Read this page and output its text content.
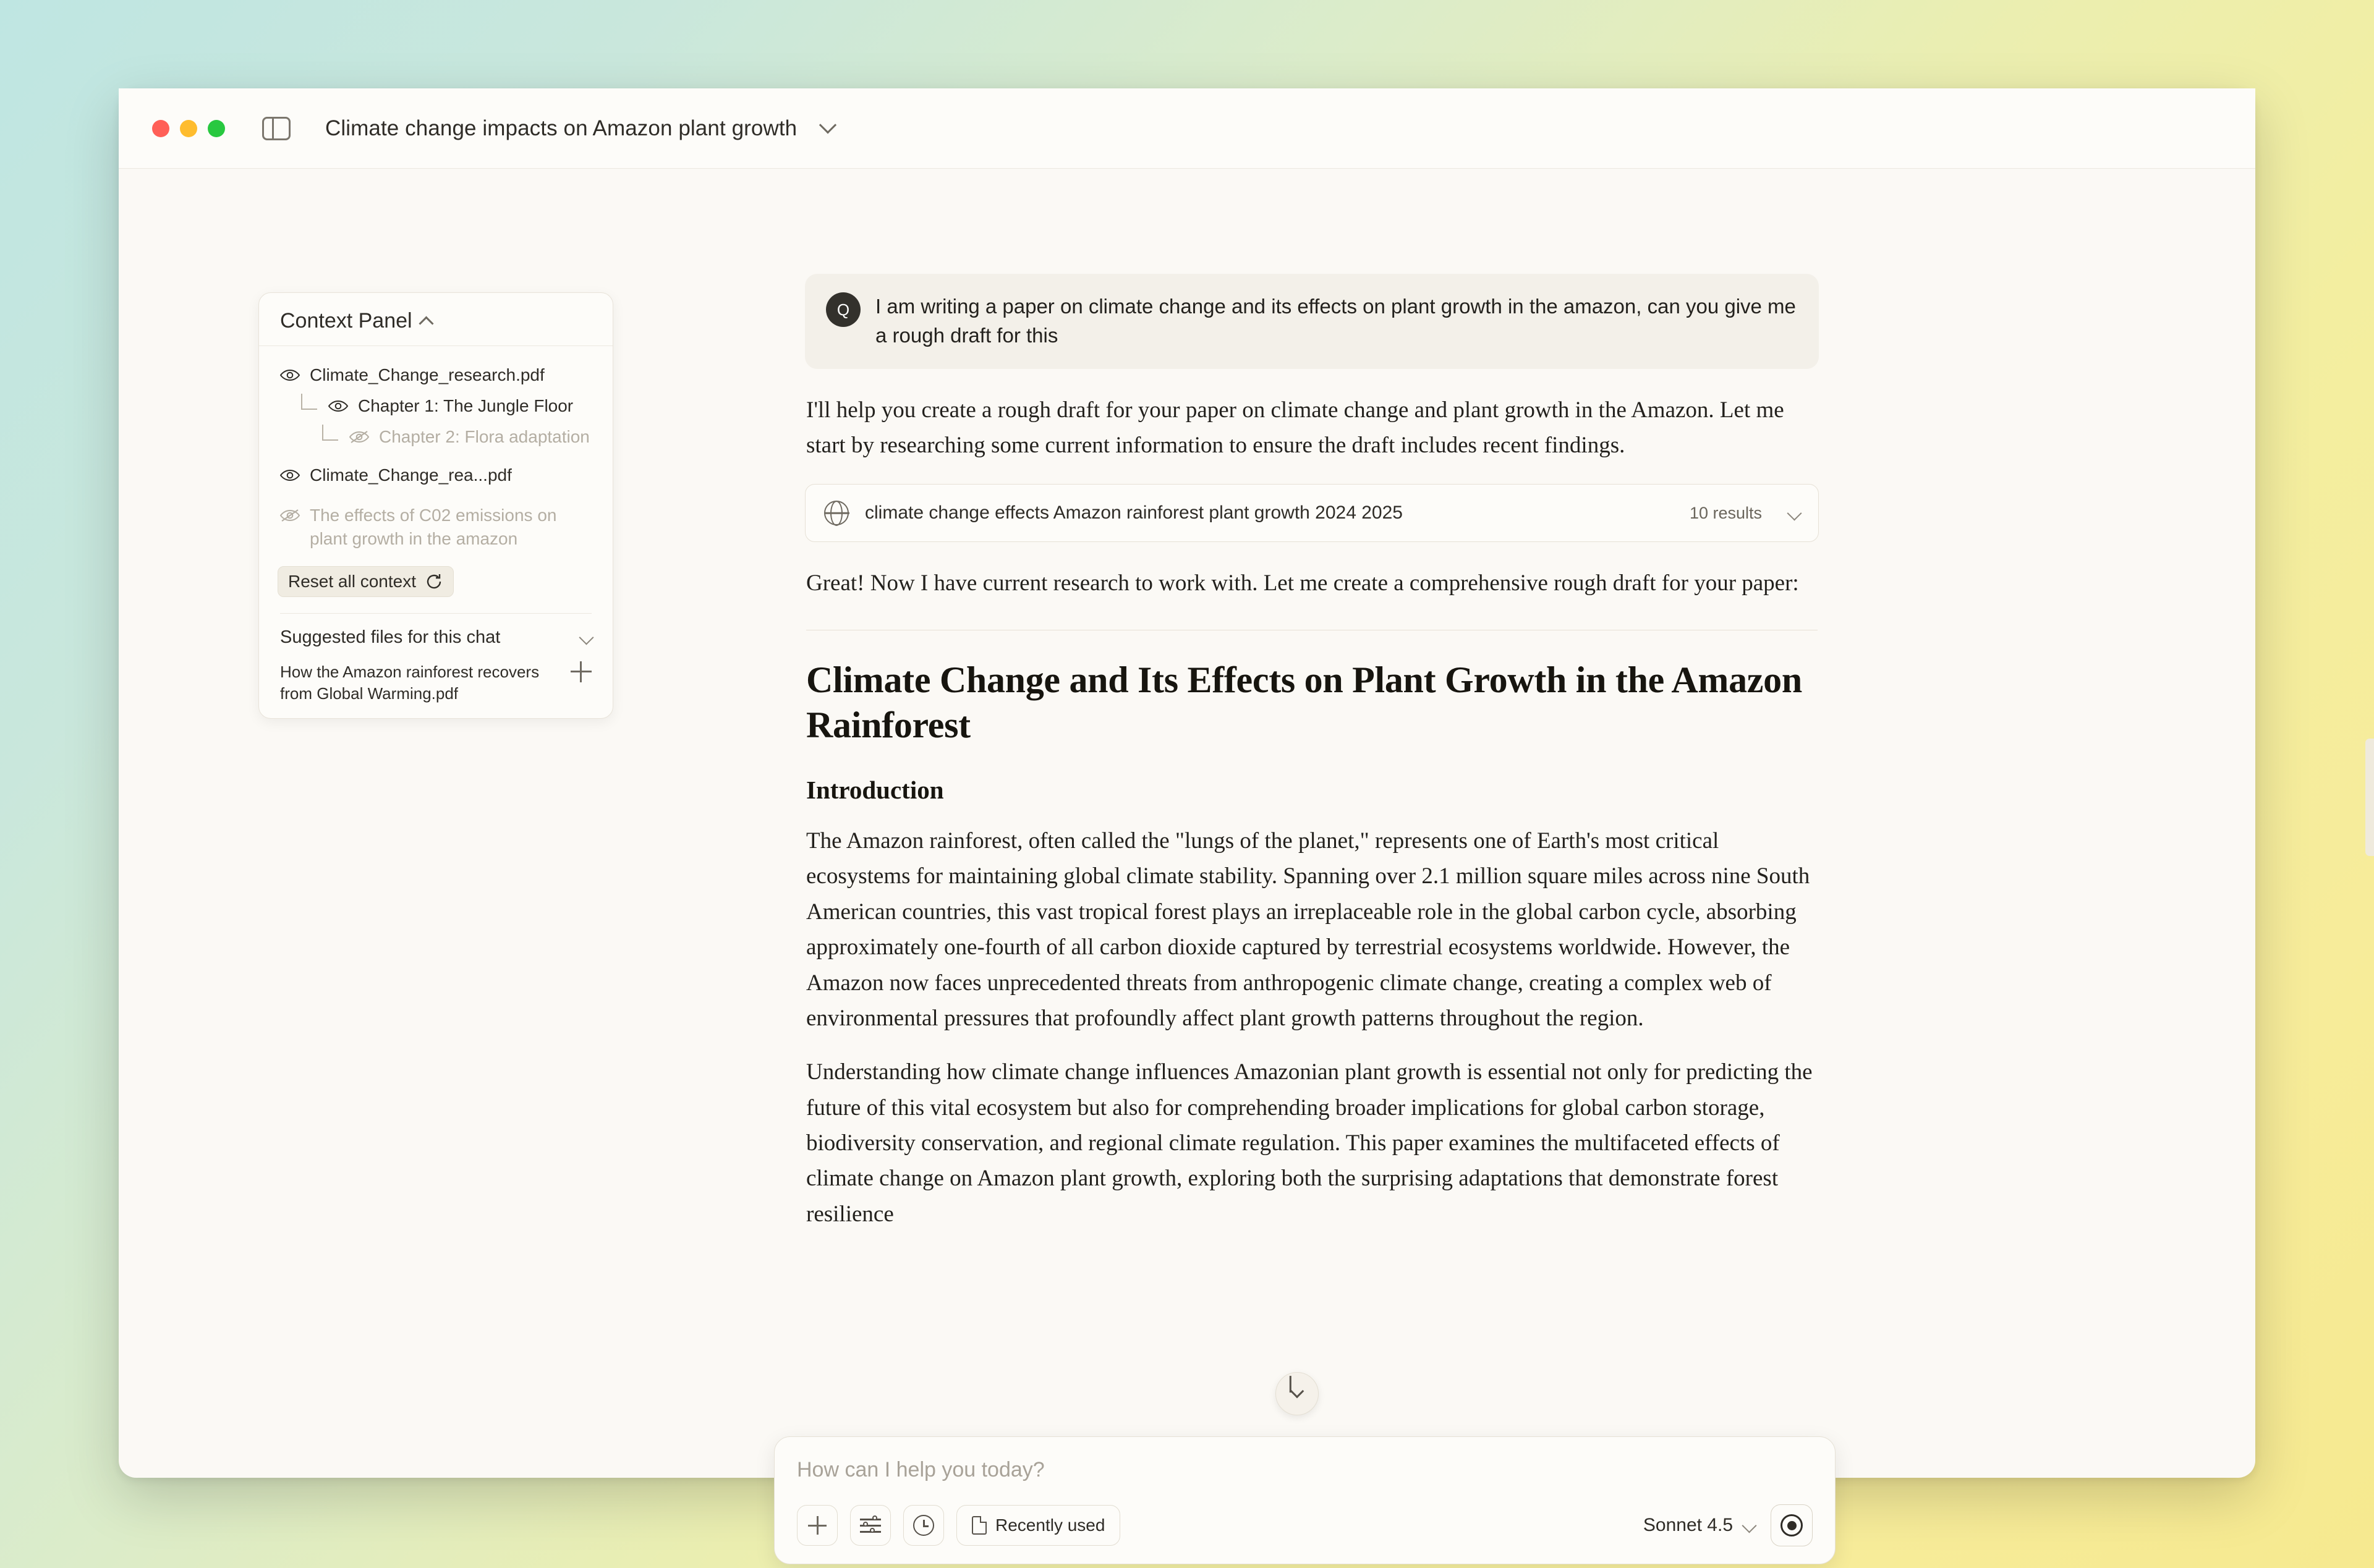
Climate change impacts on Amazon plant growth
Context Panel
Climate_Change_research.pdf
Chapter 1: The Jungle Floor
Chapter 2: Flora adaptation
Climate_Change_rea...pdf
The effects of C02 emissions on plant growth in the amazon
Reset all context
Suggested files for this chat
How the Amazon rainforest recovers from Global Warming.pdf
Q	I am writing a paper on climate change and its effects on plant growth in the amazon, can you give me a rough draft for this

I'll help you create a rough draft for your paper on climate change and plant growth in the Amazon. Let me start by researching some current information to ensure the draft includes recent findings.

climate change effects Amazon rainforest plant growth 2024 2025	10 results

Great! Now I have current research to work with. Let me create a comprehensive rough draft for your paper:

Climate Change and Its Effects on Plant Growth in the Amazon Rainforest
Introduction

The Amazon rainforest, often called the "lungs of the planet," represents one of Earth's most critical ecosystems for maintaining global climate stability. Spanning over 2.1 million square miles across nine South American countries, this vast tropical forest plays an irreplaceable role in the global carbon cycle, absorbing approximately one-fourth of all carbon dioxide captured by terrestrial ecosystems worldwide. However, the Amazon now faces unprecedented threats from anthropogenic climate change, creating a complex web of environmental pressures that profoundly affect plant growth patterns throughout the region.

Understanding how climate change influences Amazonian plant growth is essential not only for predicting the future of this vital ecosystem but also for comprehending broader implications for global carbon storage, biodiversity conservation, and regional climate regulation. This paper examines the multifaceted effects of climate change on Amazon plant growth, exploring both the surprising adaptations that demonstrate forest resilience

How can I help you today?
Recently used	Sonnet 4.5
